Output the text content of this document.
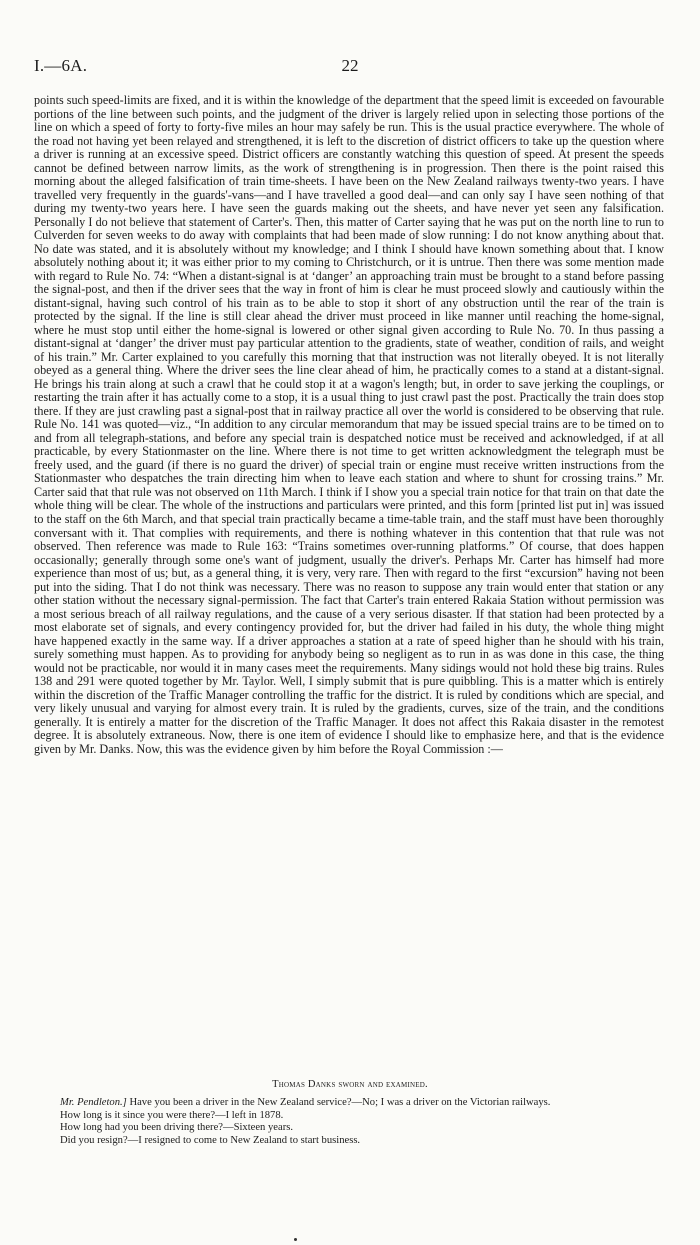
I.—6A.	22

points such speed-limits are fixed, and it is within the knowledge of the department that the speed limit is exceeded on favourable portions of the line between such points, and the judgment of the driver is largely relied upon in selecting those portions of the line on which a speed of forty to forty-five miles an hour may safely be run. This is the usual practice everywhere. The whole of the road not having yet been relayed and strengthened, it is left to the discretion of district officers to take up the question where a driver is running at an excessive speed. District officers are constantly watching this question of speed. At present the speeds cannot be defined between narrow limits, as the work of strengthening is in progression. Then there is the point raised this morning about the alleged falsification of train time-sheets. I have been on the New Zealand railways twenty-two years. I have travelled very frequently in the guards'-vans—and I have travelled a good deal—and can only say I have seen nothing of that during my twenty-two years here. I have seen the guards making out the sheets, and have never yet seen any falsification. Personally I do not believe that statement of Carter's. Then, this matter of Carter saying that he was put on the north line to run to Culverden for seven weeks to do away with complaints that had been made of slow running: I do not know anything about that. No date was stated, and it is absolutely without my knowledge; and I think I should have known something about that. I know absolutely nothing about it; it was either prior to my coming to Christchurch, or it is untrue. Then there was some mention made with regard to Rule No. 74: “When a distant-signal is at ‘danger’ an approaching train must be brought to a stand before passing the signal-post, and then if the driver sees that the way in front of him is clear he must proceed slowly and cautiously within the distant-signal, having such control of his train as to be able to stop it short of any obstruction until the rear of the train is protected by the signal. If the line is still clear ahead the driver must proceed in like manner until reaching the home-signal, where he must stop until either the home-signal is lowered or other signal given according to Rule No. 70. In thus passing a distant-signal at ‘danger’ the driver must pay particular attention to the gradients, state of weather, condition of rails, and weight of his train.” Mr. Carter explained to you carefully this morning that that instruction was not literally obeyed. It is not literally obeyed as a general thing. Where the driver sees the line clear ahead of him, he practically comes to a stand at a distant-signal. He brings his train along at such a crawl that he could stop it at a wagon's length; but, in order to save jerking the couplings, or restarting the train after it has actually come to a stop, it is a usual thing to just crawl past the post. Practically the train does stop there. If they are just crawling past a signal-post that in railway practice all over the world is considered to be observing that rule. Rule No. 141 was quoted—viz., “In addition to any circular memorandum that may be issued special trains are to be timed on to and from all telegraph-stations, and before any special train is despatched notice must be received and acknowledged, if at all practicable, by every Stationmaster on the line. Where there is not time to get written acknowledgment the telegraph must be freely used, and the guard (if there is no guard the driver) of special train or engine must receive written instructions from the Stationmaster who despatches the train directing him when to leave each station and where to shunt for crossing trains.” Mr. Carter said that that rule was not observed on 11th March. I think if I show you a special train notice for that train on that date the whole thing will be clear. The whole of the instructions and particulars were printed, and this form [printed list put in] was issued to the staff on the 6th March, and that special train practically became a time-table train, and the staff must have been thoroughly conversant with it. That complies with requirements, and there is nothing whatever in this contention that that rule was not observed. Then reference was made to Rule 163: “Trains sometimes over-running platforms.” Of course, that does happen occasionally; generally through some one's want of judgment, usually the driver's. Perhaps Mr. Carter has himself had more experience than most of us; but, as a general thing, it is very, very rare. Then with regard to the first “excursion” having not been put into the siding. That I do not think was necessary. There was no reason to suppose any train would enter that station or any other station without the necessary signal-permission. The fact that Carter's train entered Rakaia Station without permission was a most serious breach of all railway regulations, and the cause of a very serious disaster. If that station had been protected by a most elaborate set of signals, and every contingency provided for, but the driver had failed in his duty, the whole thing might have happened exactly in the same way. If a driver approaches a station at a rate of speed higher than he should with his train, surely something must happen. As to providing for anybody being so negligent as to run in as was done in this case, the thing would not be practicable, nor would it in many cases meet the requirements. Many sidings would not hold these big trains. Rules 138 and 291 were quoted together by Mr. Taylor. Well, I simply submit that is pure quibbling. This is a matter which is entirely within the discretion of the Traffic Manager controlling the traffic for the district. It is ruled by conditions which are special, and very likely unusual and varying for almost every train. It is ruled by the gradients, curves, size of the train, and the conditions generally. It is entirely a matter for the discretion of the Traffic Manager. It does not affect this Rakaia disaster in the remotest degree. It is absolutely extraneous. Now, there is one item of evidence I should like to emphasize here, and that is the evidence given by Mr. Danks. Now, this was the evidence given by him before the Royal Commission :—

Thomas Danks sworn and examined.

Mr. Pendleton.] Have you been a driver in the New Zealand service?—No; I was a driver on the Victorian railways.

How long is it since you were there?—I left in 1878.

How long had you been driving there?—Sixteen years.

Did you resign?—I resigned to come to New Zealand to start business.
